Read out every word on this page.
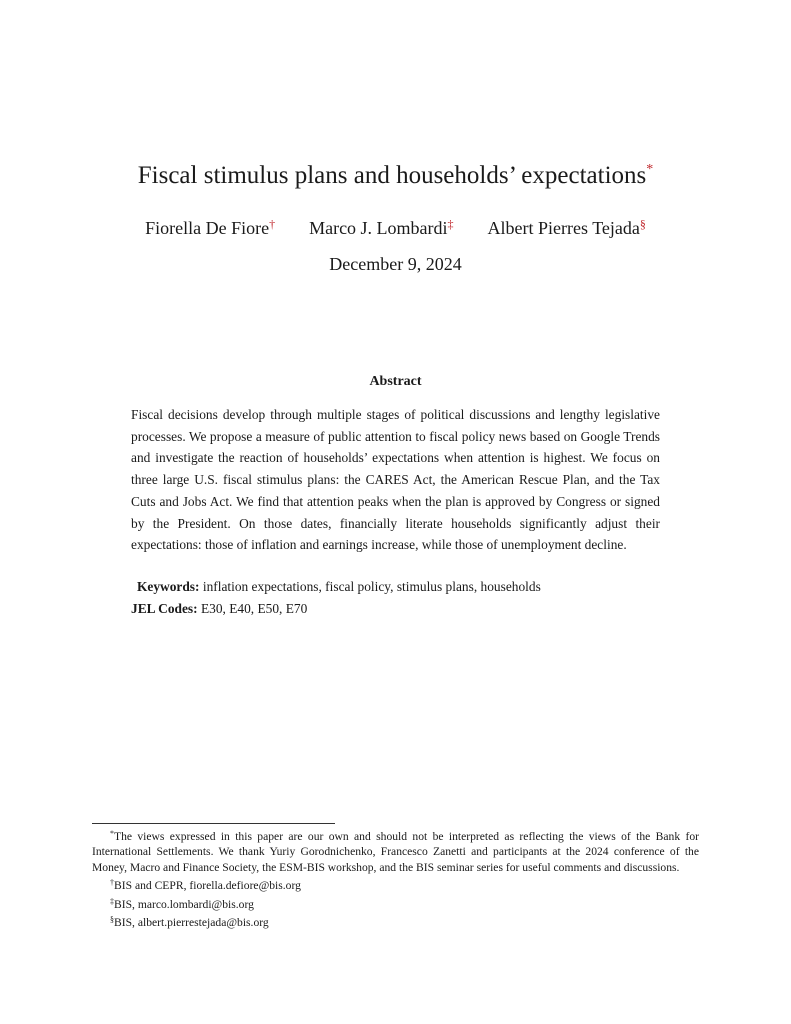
Fiscal stimulus plans and households’ expectations*
Fiorella De Fiore† Marco J. Lombardi‡ Albert Pierres Tejada§
December 9, 2024
Abstract

Fiscal decisions develop through multiple stages of political discussions and lengthy legislative processes. We propose a measure of public attention to fiscal policy news based on Google Trends and investigate the reaction of households’ expectations when attention is highest. We focus on three large U.S. fiscal stimulus plans: the CARES Act, the American Rescue Plan, and the Tax Cuts and Jobs Act. We find that attention peaks when the plan is approved by Congress or signed by the President. On those dates, financially literate households significantly adjust their expectations: those of inflation and earnings increase, while those of unemployment decline.

Keywords: inflation expectations, fiscal policy, stimulus plans, households
JEL Codes: E30, E40, E50, E70

*The views expressed in this paper are our own and should not be interpreted as reflecting the views of the Bank for International Settlements. We thank Yuriy Gorodnichenko, Francesco Zanetti and participants at the 2024 conference of the Money, Macro and Finance Society, the ESM-BIS workshop, and the BIS seminar series for useful comments and discussions.

†BIS and CEPR, fiorella.defiore@bis.org

‡BIS, marco.lombardi@bis.org

§BIS, albert.pierrestejada@bis.org
